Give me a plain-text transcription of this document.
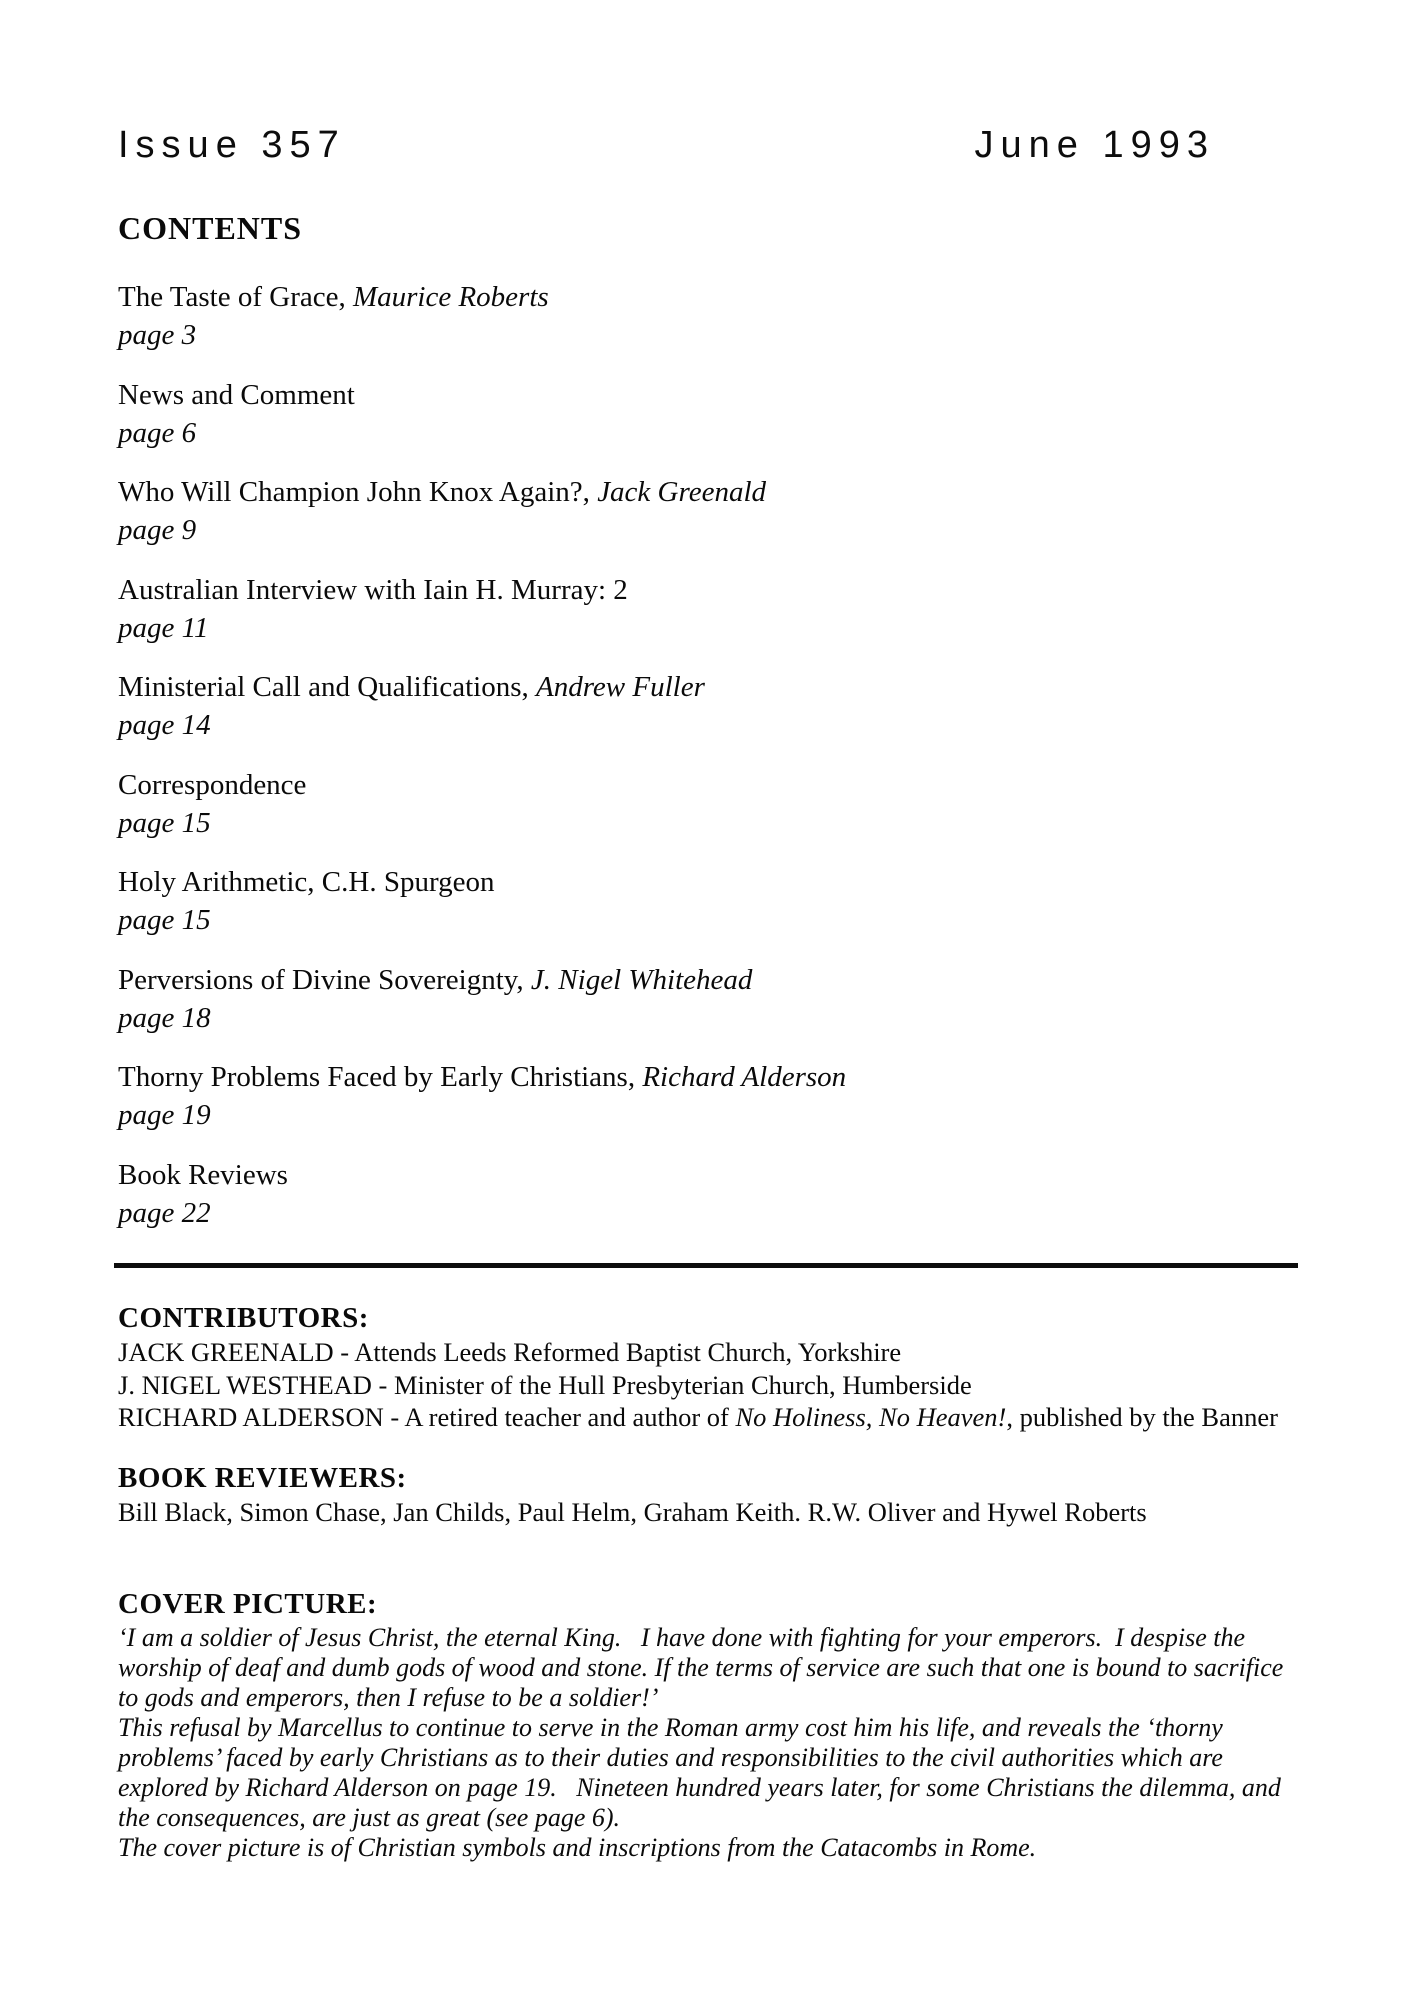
Issue 357	June 1993
CONTENTS
The Taste of Grace, Maurice Roberts
page 3
News and Comment
page 6
Who Will Champion John Knox Again?, Jack Greenald
page 9
Australian Interview with Iain H. Murray: 2
page 11
Ministerial Call and Qualifications, Andrew Fuller
page 14
Correspondence
page 15
Holy Arithmetic, C.H. Spurgeon
page 15
Perversions of Divine Sovereignty, J. Nigel Whitehead
page 18
Thorny Problems Faced by Early Christians, Richard Alderson
page 19
Book Reviews
page 22
CONTRIBUTORS:

JACK GREENALD - Attends Leeds Reformed Baptist Church, Yorkshire

J. NIGEL WESTHEAD - Minister of the Hull Presbyterian Church, Humberside

RICHARD ALDERSON - A retired teacher and author of No Holiness, No Heaven!, published by the Banner

BOOK REVIEWERS:

Bill Black, Simon Chase, Jan Childs, Paul Helm, Graham Keith. R.W. Oliver and Hywel Roberts

COVER PICTURE:

‘I am a soldier of Jesus Christ, the eternal King.   I have done with fighting for your emperors.  I despise the

worship of deaf and dumb gods of wood and stone. If the terms of service are such that one is bound to sacrifice

to gods and emperors, then I refuse to be a soldier!’

This refusal by Marcellus to continue to serve in the Roman army cost him his life, and reveals the ‘thorny

problems’ faced by early Christians as to their duties and responsibilities to the civil authorities which are

explored by Richard Alderson on page 19.   Nineteen hundred years later, for some Christians the dilemma, and

the consequences, are just as great (see page 6).

The cover picture is of Christian symbols and inscriptions from the Catacombs in Rome.
